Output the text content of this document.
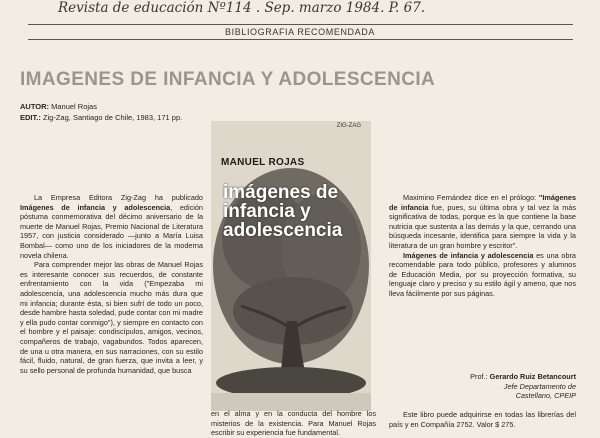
Revista de educación Nº114 . Sep. marzo 1984. P. 67.
BIBLIOGRAFIA RECOMENDADA
IMAGENES DE INFANCIA Y ADOLESCENCIA
AUTOR: Manuel Rojas
EDIT.: Zig-Zag, Santiago de Chile, 1983, 171 pp.

La Empresa Editora Zig-Zag ha publicado Imágenes de infancia y adolescencia, edición póstuma conmemorativa del décimo aniversario de la muerte de Manuel Rojas, Premio Nacional de Literatura 1957, con justicia considerado —junto a María Luisa Bombal— como uno de los iniciadores de la moderna novela chilena.

Para comprender mejor las obras de Manuel Rojas es interesante conocer sus recuerdos, de constante enfrentamiento con la vida ("Empezaba mi adolescencia, una adolescencia mucho más dura que mi infancia; durante ésta, si bien sufrí de todo un poco, desde hambre hasta soledad, pude contar con mi madre y ella pudo contar conmigo"), y siempre en contacto con el hombre y el paisaje: condiscípulos, amigos, vecinos, compañeros de trabajo, vagabundos. Todos aparecen, de una u otra manera, en sus narraciones, con su estilo fácil, fluido, natural, de gran fuerza, que invita a leer, y su sello personal de profunda humanidad, que busca

ZIG-ZAG
MANUEL ROJAS
imágenes de infancia y adolescencia
en el alma y en la conducta del hombre los misterios de la existencia. Para Manuel Rojas escribir su experiencia fue fundamental.

Maximino Fernández dice en el prólogo: "Imágenes de infancia fue, pues, su última obra y tal vez la más significativa de todas, porque es la que contiene la base nutricia que sustenta a las demás y la que, cerrando una búsqueda incesante, identifica para siempre la vida y la literatura de un gran hombre y escritor".

Imágenes de infancia y adolescencia es una obra recomendable para todo público, profesores y alumnos de Educación Media, por su proyección formativa, su lenguaje claro y preciso y su estilo ágil y ameno, que nos lleva fácilmente por sus páginas.

Prof.: Gerardo Ruiz Betancourt
Jefe Departamento de
Castellano, CPEIP
Este libro puede adquirirse en todas las librerías del país y en Compañía 2752. Valor $ 275.
